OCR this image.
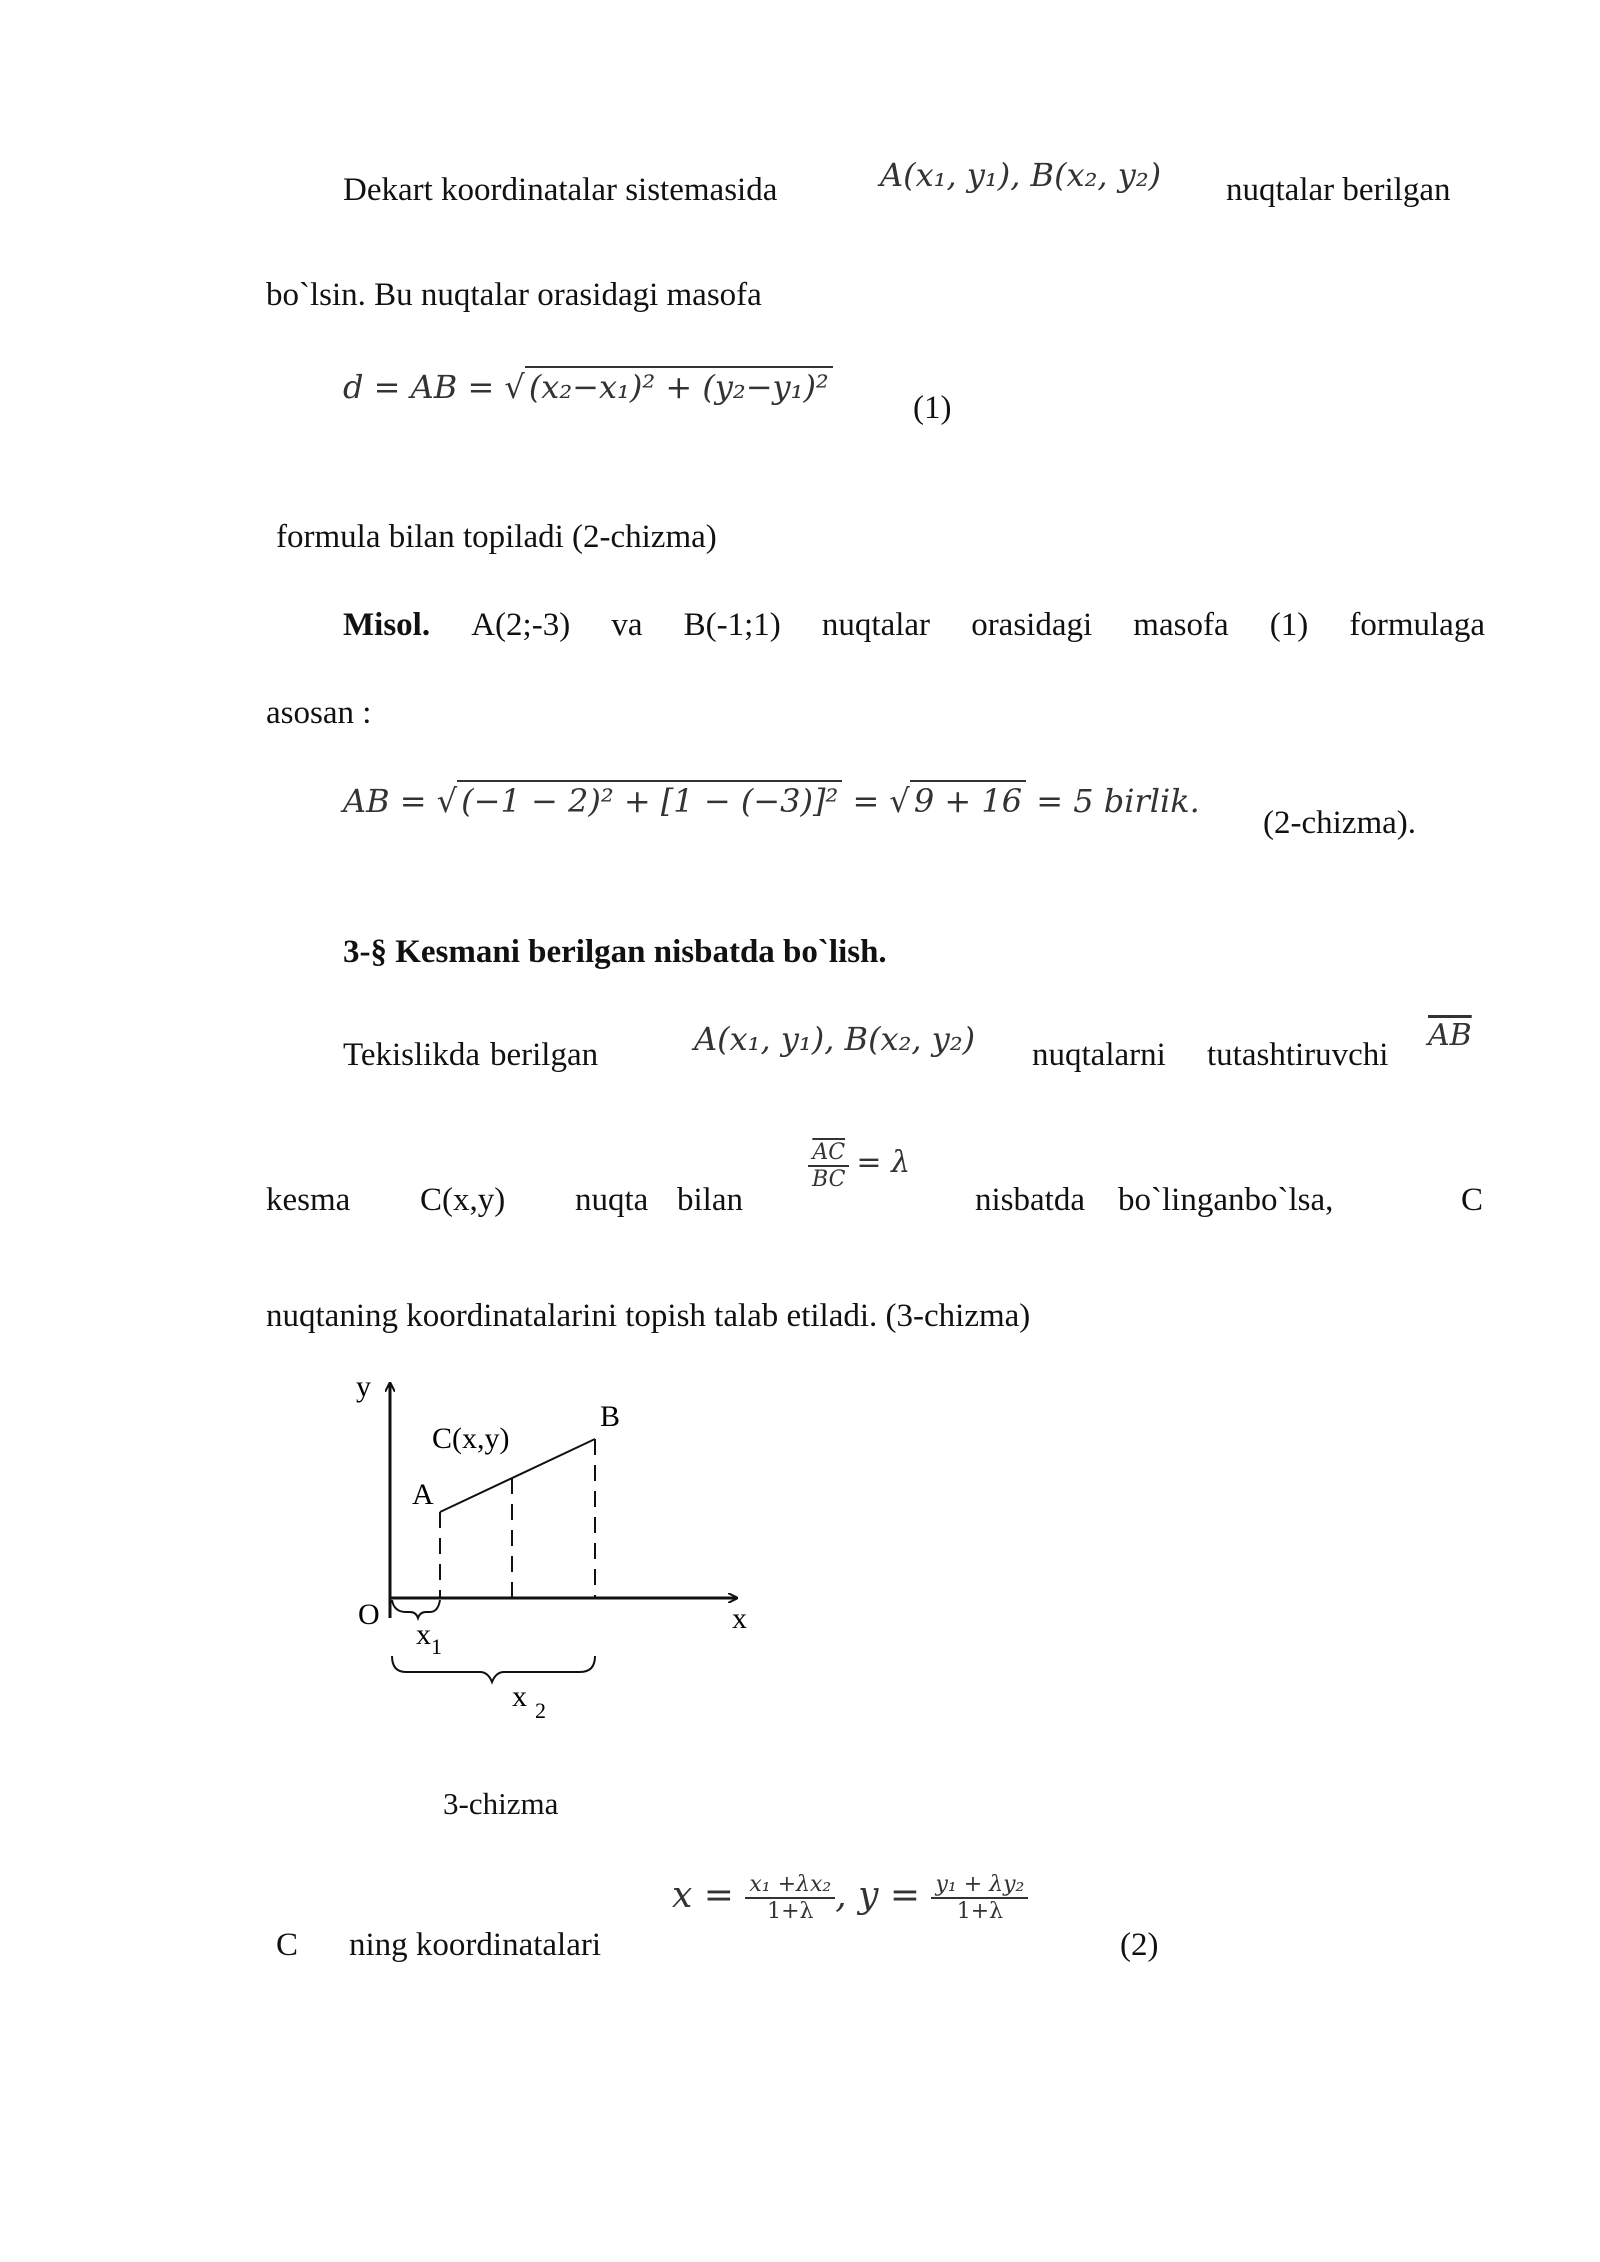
Dekart koordinatalar sistemasida	A(x₁, y₁), B(x₂, y₂) nuqtalar berilgan
bo`lsin. Bu nuqtalar orasidagi masofa
d = AB = √ (x₂−x₁)² + (y₂−y₁)²
(1)
formula bilan topiladi (2-chizma)
Misol. A(2;-3) va B(-1;1) nuqtalar orasidagi masofa (1) formulaga
asosan :
AB = √ (−1 − 2)² + [1 − (−3)]² = √ 9 + 16 = 5 birlik.
(2-chizma).
3-§ Kesmani berilgan nisbatda bo`lish.
Tekislikda berilgan	A(x₁, y₁), B(x₂, y₂) nuqtalarni tutashtiruvchi
$\overline{AB}$
kesma C(x,y) nuqta bilan
$\frac{\overline{AC}}{BC} = \lambda$
nisbatda bo`linganbo`lsa,	C
nuqtaning koordinatalarini topish talab etiladi. (3-chizma)
y
x
O
A
B
C(x,y)
$x_1$
x $_2$
3-chizma
C ning koordinatalari
$x = \frac{\text{x₁ +λx₂}}{1+\lambda}$ , $y = \frac{\text{y₁ + λy₂}}{1+\lambda}$
(2)
